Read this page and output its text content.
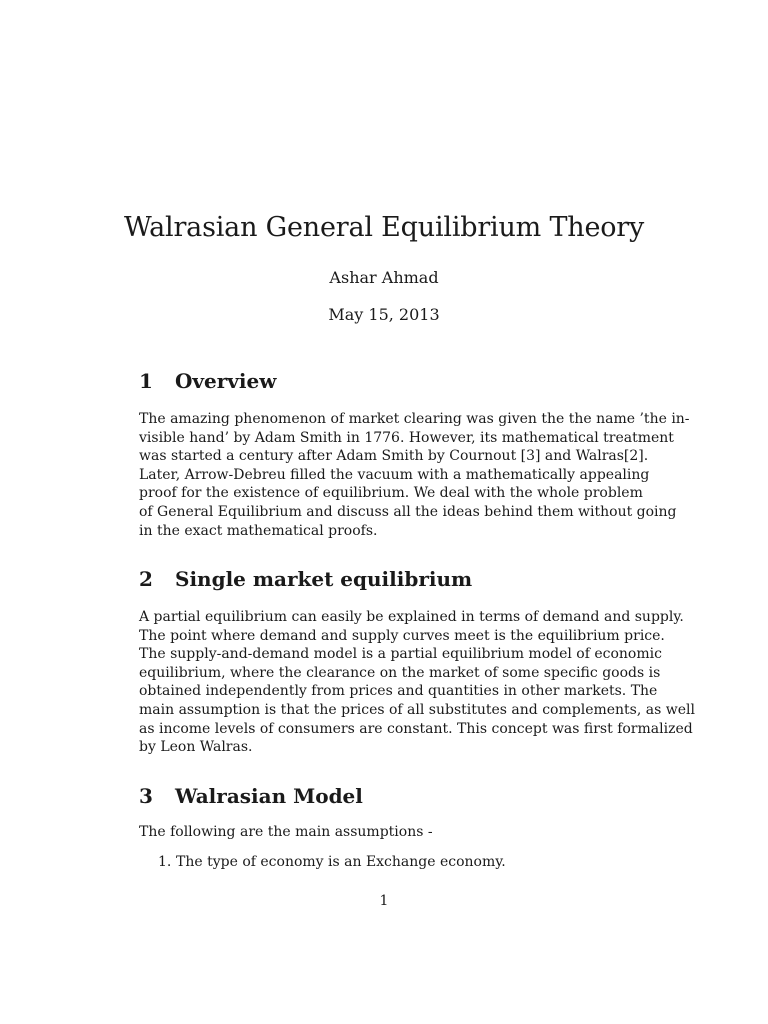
Walrasian General Equilibrium Theory

Ashar Ahmad

May 15, 2013

1 Overview
The amazing phenomenon of market clearing was given the the name ’the in-
visible hand’ by Adam Smith in 1776. However, its mathematical treatment
was started a century after Adam Smith by Cournout [3] and Walras[2].
Later, Arrow-Debreu filled the vacuum with a mathematically appealing
proof for the existence of equilibrium. We deal with the whole problem
of General Equilibrium and discuss all the ideas behind them without going
in the exact mathematical proofs.
2 Single market equilibrium
A partial equilibrium can easily be explained in terms of demand and supply.
The point where demand and supply curves meet is the equilibrium price.
The supply-and-demand model is a partial equilibrium model of economic
equilibrium, where the clearance on the market of some specific goods is
obtained independently from prices and quantities in other markets. The
main assumption is that the prices of all substitutes and complements, as well
as income levels of consumers are constant. This concept was first formalized
by Leon Walras.
3 Walrasian Model
The following are the main assumptions -
1. The type of economy is an Exchange economy.

1
